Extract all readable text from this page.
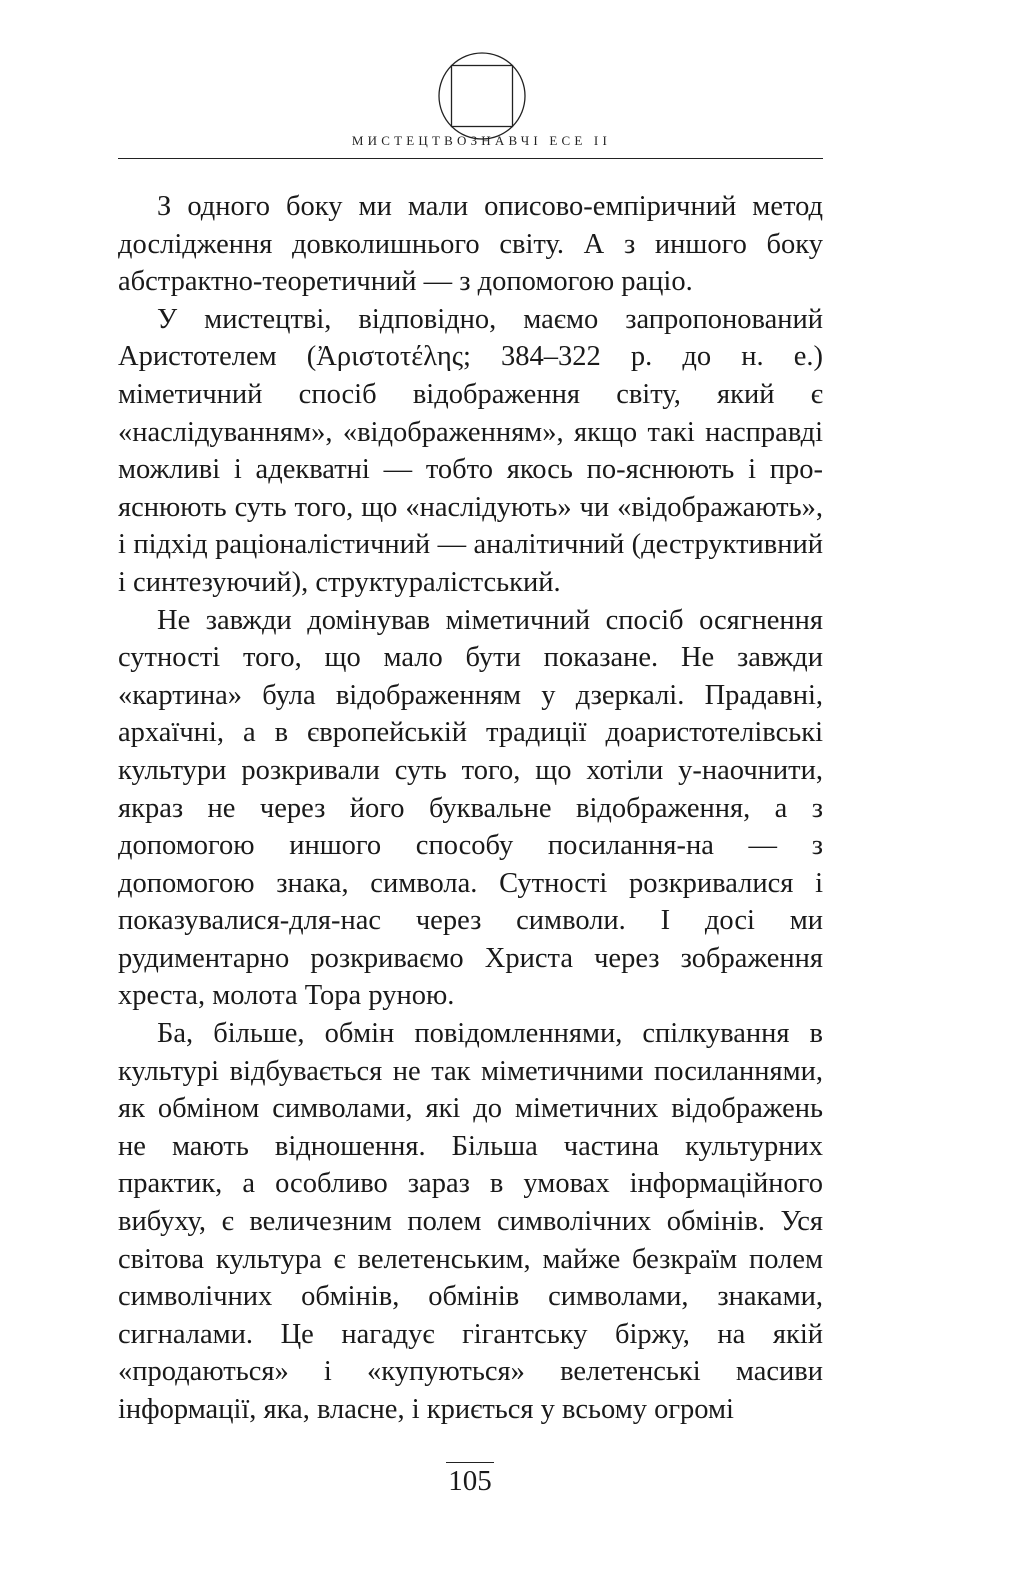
МИСТЕЦТВОЗНАВЧІ ЕСЕ II

З одного боку ми мали описово-емпіричний метод дослідження довколишнього світу. А з иншого боку абстрактно-теоретичний — з допомогою раціо.

У мистецтві, відповідно, маємо запропонований Аристотелем (Ἀριστοτέλης; 384–322 р. до н. е.) міметичний спосіб відображення світу, який є «наслідуванням», «відображенням», якщо такі насправді можливі і адекватні — тобто якось по-яснюють і про-яснюють суть того, що «наслідують» чи «відображають», і підхід раціоналістичний — аналітичний (деструктивний і синтезуючий), структуралістський.

Не завжди домінував міметичний спосіб осягнення сутності того, що мало бути показане. Не завжди «картина» була відображенням у дзеркалі. Прадавні, архаїчні, а в європейській традиції доаристотелівські культури розкривали суть того, що хотіли у-наочнити, якраз не через його буквальне відображення, а з допомогою иншого способу посилання-на — з допомогою знака, символа. Сутності розкривалися і показувалися-для-нас через символи. І досі ми рудиментарно розкриваємо Христа через зображення хреста, молота Тора руною.

Ба, більше, обмін повідомленнями, спілкування в культурі відбувається не так міметичними посиланнями, як обміном символами, які до міметичних відображень не мають відношення. Більша частина культурних практик, а особливо зараз в умовах інформаційного вибуху, є величезним полем символічних обмінів. Уся світова культура є велетенським, майже безкраїм полем символічних обмінів, обмінів символами, знаками, сигналами. Це нагадує гігантську біржу, на якій «продаються» і «купуються» велетенські масиви інформації, яка, власне, і криється у всьому огромі

105
